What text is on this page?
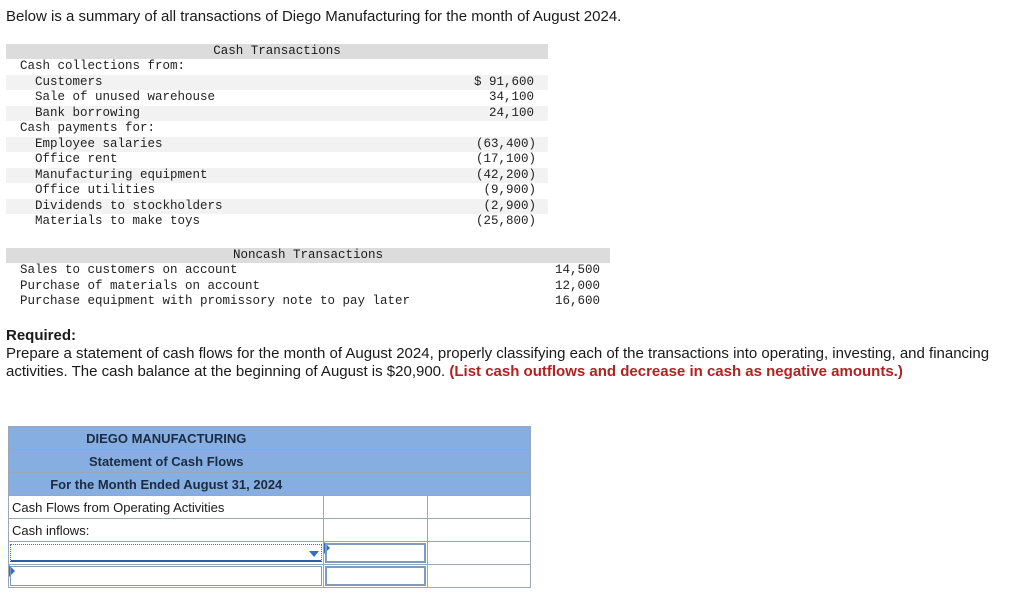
Below is a summary of all transactions of Diego Manufacturing for the month of August 2024.
Cash Transactions
Cash collections from:
Customers	$ 91,600
Sale of unused warehouse	34,100
Bank borrowing	24,100
Cash payments for:
Employee salaries	(63,400)
Office rent	(17,100)
Manufacturing equipment	(42,200)
Office utilities	(9,900)
Dividends to stockholders	(2,900)
Materials to make toys	(25,800)
Noncash Transactions
Sales to customers on account	14,500
Purchase of materials on account	12,000
Purchase equipment with promissory note to pay later	16,600
Required:
Prepare a statement of cash flows for the month of August 2024, properly classifying each of the transactions into operating, investing, and financing activities. The cash balance at the beginning of August is $20,900. (List cash outflows and decrease in cash as negative amounts.)
DIEGO MANUFACTURING		
Statement of Cash Flows		
For the Month Ended August 31, 2024		
Cash Flows from Operating Activities		
Cash inflows:		
